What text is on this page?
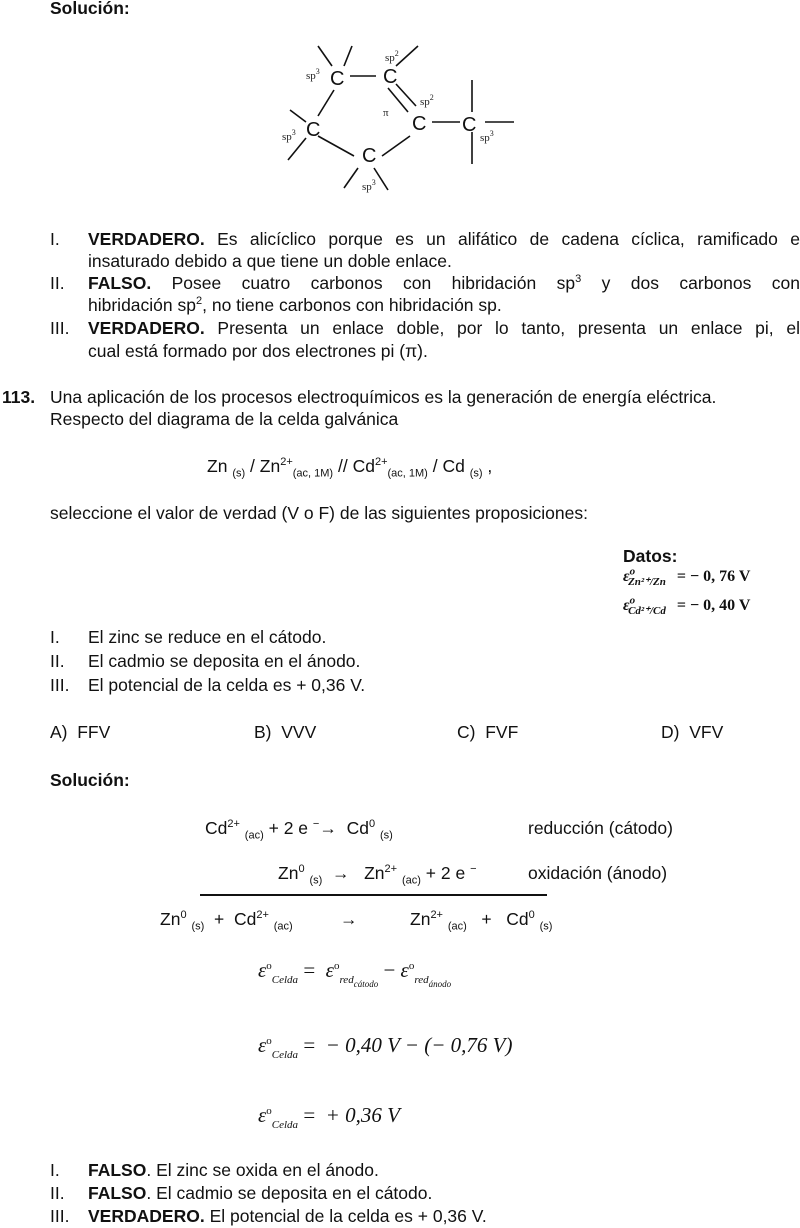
Solución:
C C
C	C C
C
$sp^3$
$sp^2$
$sp^3$
π
$sp^2$
$sp^3$
$sp^3$
I. VERDADERO. Es alicíclico porque es un alifático de cadena cíclica, ramificado e
insaturado debido a que tiene un doble enlace.
II. FALSO. Posee cuatro carbonos con hibridación $sp^3$ y dos carbonos con
hibridación $sp^2$, no tiene carbonos con hibridación sp.
III. VERDADERO. Presenta un enlace doble, por lo tanto, presenta un enlace pi, el
cual está formado por dos electrones pi (π).
113. Una aplicación de los procesos electroquímicos es la generación de energía eléctrica.
Respecto del diagrama de la celda galvánica
Zn $_{(s)} / Zn^{2+}_{(ac, 1M)} // Cd^{2+}_{(ac, 1M)}$ / Cd $_{(s)}$ ,
seleccione el valor de verdad (V o F) de las siguientes proposiciones:
Datos:
$\varepsilon^o_{Zn^{2+}/Zn}$ = − 0, 76 V
$\varepsilon^o_{Cd^{2+}/Cd}$ = − 0, 40 V
I. El zinc se reduce en el cátodo.
II. El cadmio se deposita en el ánodo.
III. El potencial de la celda es + 0,36 V.
A) FFV	B) VVV	C) FVF	D) VFV
Solución:
$Cd^{2+}$ $_{(ac)}$ + 2 e $^-\to Cd^0$ $_{(s)}$	reducción (cátodo)
Zn$^0$ $_{(s)} \to Zn^{2+}$ $_{(ac)}$ + 2 e −	oxidación (ánodo)
Zn$^0$ $_{(s)} + Cd^{2+}$ $_{(ac)}$	→	$Zn^{2+}$ $_{(ac)} + Cd^0$ $_{(s)}$
$\varepsilon^o_{Celda} = \varepsilon^o_{red_{cátodo}} - \varepsilon^o_{red_{ánodo}}$
$\varepsilon^o_{Celda}$ = − 0,40 V − (− 0,76 V)
$\varepsilon^o_{Celda}$ = + 0,36 V
I. FALSO. El zinc se oxida en el ánodo.
II. FALSO. El cadmio se deposita en el cátodo.
III. VERDADERO. El potencial de la celda es + 0,36 V.
